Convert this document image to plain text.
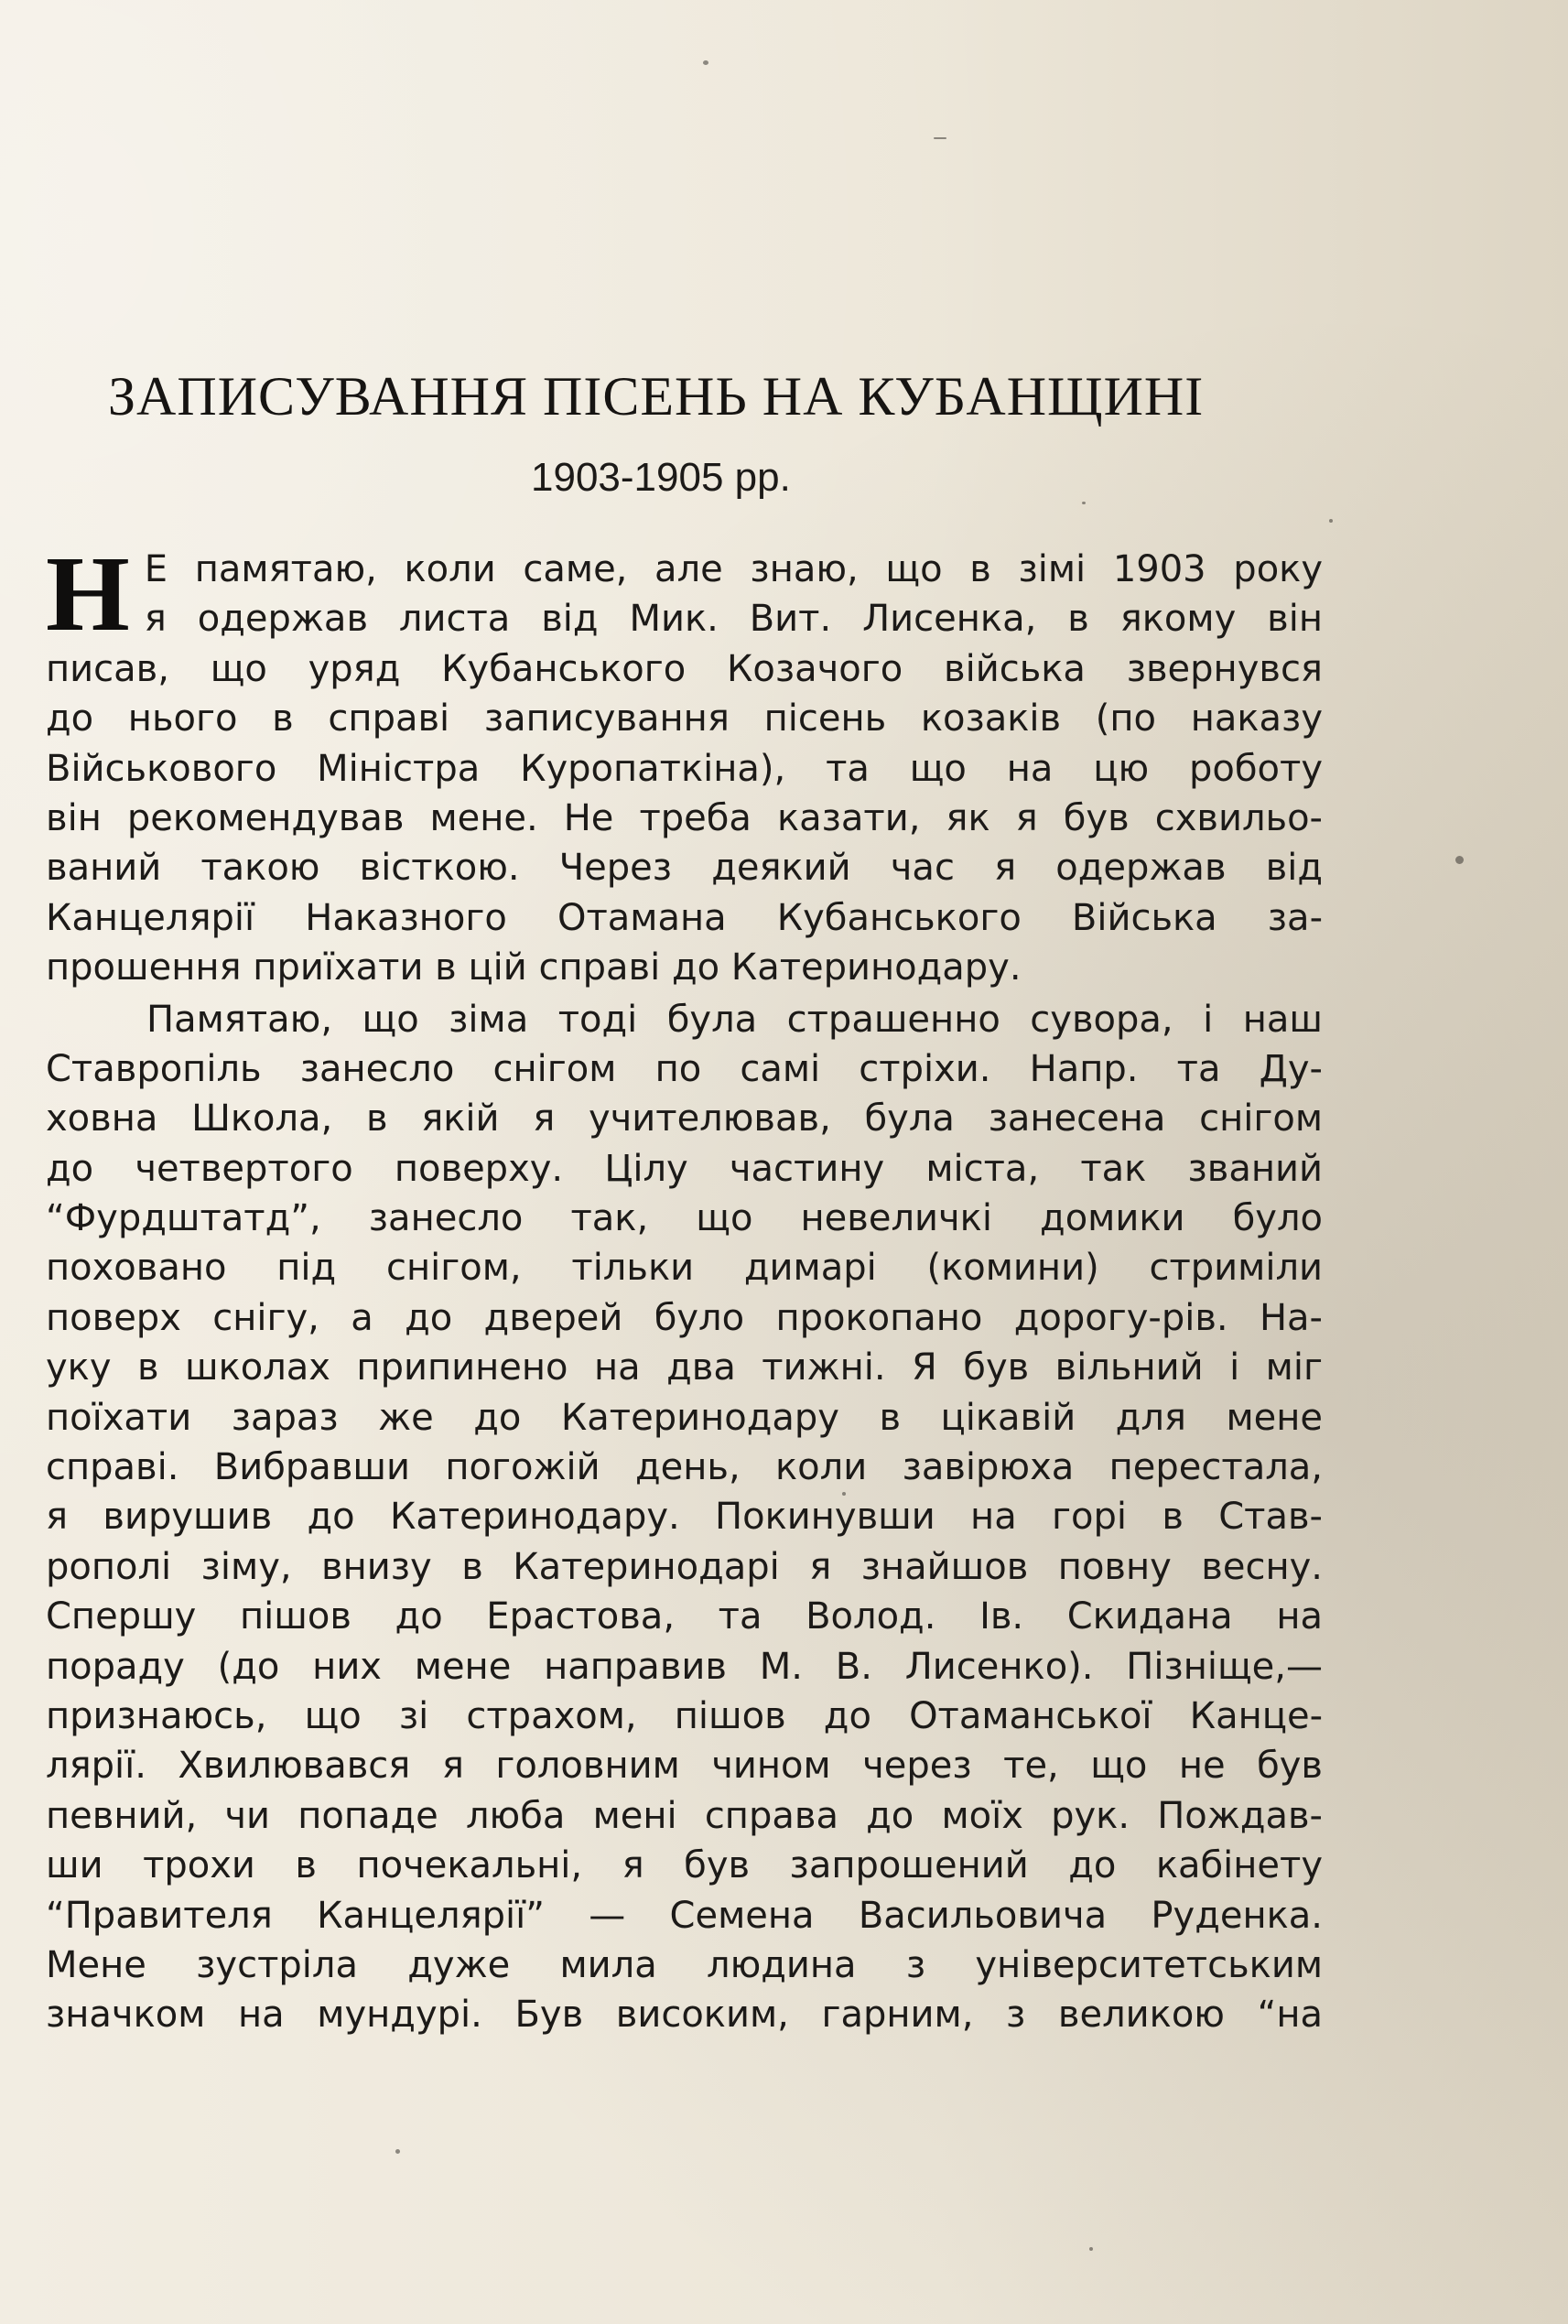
ЗАПИСУВАННЯ ПІСЕНЬ НА КУБАНЩИНІ
1903-1905 рр.
Н Е памятаю, коли саме, але знаю, що в зімі 1903 року
я одержав листа від Мик. Вит. Лисенка, в якому він
писав, що уряд Кубанського Козачого війська звернувся
до нього в справі записування пісень козаків (по наказу
Військового Міністра Куропаткіна), та що на цю роботу
він рекомендував мене. Не треба казати, як я був схвильо-
ваний такою вісткою. Через деякий час я одержав від
Канцелярії Наказного Отамана Кубанського Війська за-
прошення приїхати в цій справі до Катеринодару.
Памятаю, що зіма тоді була страшенно сувора, і наш
Ставропіль занесло снігом по самі стріхи. Напр. та Ду-
ховна Школа, в якій я учителював, була занесена снігом
до четвертого поверху. Цілу частину міста, так званий
“Фурдштатд”, занесло так, що невеличкі домики було
поховано під снігом, тільки димарі (комини) стриміли
поверх снігу, а до дверей було прокопано дорогу-рів. На-
уку в школах припинено на два тижні. Я був вільний і міг
поїхати зараз же до Катеринодару в цікавій для мене
справі. Вибравши погожій день, коли завірюха перестала,
я вирушив до Катеринодару. Покинувши на горі в Став-
рополі зіму, внизу в Катеринодарі я знайшов повну весну.
Спершу пішов до Ерастова, та Волод. Ів. Скидана на
пораду (до них мене направив М. В. Лисенко). Пізніще,—
признаюсь, що зі страхом, пішов до Отаманської Канце-
лярії. Хвилювався я головним чином через те, що не був
певний, чи попаде люба мені справа до моїх рук. Пождав-
ши трохи в почекальні, я був запрошений до кабінету
“Правителя Канцелярії” — Семена Васильовича Руденка.
Мене зустріла дуже мила людина з університетським
значком на мундурі. Був високим, гарним, з великою “на
